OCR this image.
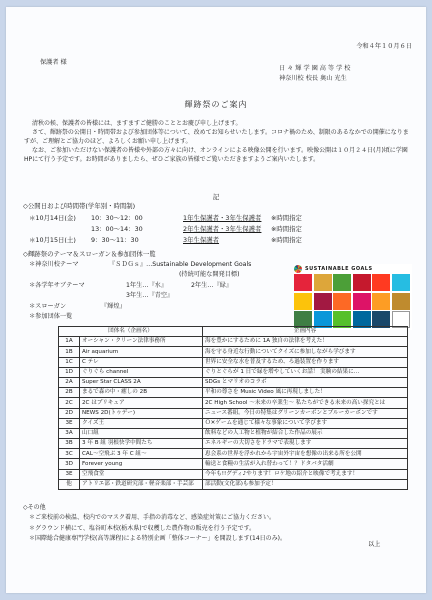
令和４年１０月６日
保護者 様
日 々 輝 学 園 高 等 学 校
神奈川校 校長 奥山 光生
輝跡祭のご案内

清秋の候、保護者の皆様には、ますますご健勝のこととお慶び申し上げます。

さて、輝跡祭の公開日・時間帯および参加団体等について、改めてお知らせいたします。コロナ禍のため、制限のあるなかでの開催になりますが、ご理解とご協力のほど、よろしくお願い申し上げます。

なお、ご参加いただけない保護者の皆様や外部の方々に向け、オンラインによる映像公開を行います。映像公開は１０月２４日(月)頃に学園HPにて行う予定です。お時間がありましたら、ぜひご家族の皆様でご覧いただきますようご案内いたします。

記
◇公開日および時間帯(学年別・時間制)
＊10月14日(金) 10：30～12：00	1年生保護者・3年生保護者 ※時間指定
13：00～14：30	2年生保護者・3年生保護者 ※時間指定
＊10月15日(土) 9：30～11：30	3年生保護者	※時間指定
◇輝跡祭のテーマ＆スローガン＆参加団体一覧
＊神奈川校テーマ	『ＳＤＧｓ』…Sustainable Development Goals
(持続可能な開発目標)
＊各学年サブテーマ	1年生…『水』	2年生…『緑』
3年生…『青空』
＊スローガン	『輝煌』
＊参加団体一覧
SUSTAINABLE GOALS
団体名（企画名）		企画内容
1A	オーシャン・クリーン法律事務所	海を豊かにするために 1A 独自の法律を考えた！
1B	Air aquarium	海を守る身近な行動についてクイズに参加しながら学びます
1C	C テレ	世界に安全な水を普及するため、ろ過装置を作ります
1D	ぐりぐら channel	ぐりとぐらが 1 日で緑を増やしていくお話！ 実験の結果に…
2A	Super Star CLASS 2A	SDGs とマリオのコラボ
2B	まるで森の中・癒しの 2B	平和の尊さを Music Video 風に再現しました！
2C	2C はプリキュア	2C High School ～未来の卒業生～ 私たちができる未来の高い探究とは
2D	NEWS 2D(トゥデー)	ニュース番組。今日の特集はグリーンカーボンとブルーカーボンです
3E	クイズ王	Ｏ✕ゲームを通じて様々な事象について学びます
3A	山口組	飲料などの人工物と植物が結合した作品の展示
3B	3 年 B 組 羽根快学中間たち	エネルギーの大切さをドラマで表現します
3C	CAL～空飛ぶ 3 年 C 組～	恵会系の世界を浮かれから宇宙外宇宙を想像の出来る所を公開
3D	Forever young	輸送と食糧の生活が入れ替わって！？ドタバタ活劇
3E	空飛食堂	今年も!!グディ♪やります！ロケ地の紹介と映像で考えます！
他	アトリエ部・鉄道研究部・軽音楽部・手芸部	部活動(文化部)も参加予定！
◇その他
＊ご来校前の検温、校内でのマスク着用、手指の消毒など、感染症対策にご協力ください。
＊グラウンド横にて、塩谷町本校(栃木県)で収穫した農作物の販売を行う予定です。
＊国際総合健康専門学校(高等課程)による特別企画「整体コーナー」を開設します(14日のみ)。
以上
